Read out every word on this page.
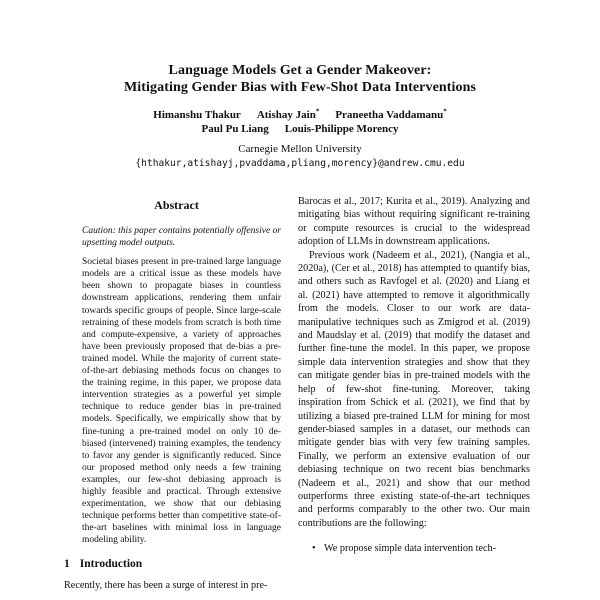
Language Models Get a Gender Makeover:
Mitigating Gender Bias with Few-Shot Data Interventions
Himanshu Thakur Atishay Jain* Praneetha Vaddamanu*
Paul Pu Liang Louis-Philippe Morency
Carnegie Mellon University
{hthakur,atishayj,pvaddama,pliang,morency}@andrew.cmu.edu
Abstract
Caution: this paper contains potentially offensive or upsetting model outputs.
Societal biases present in pre-trained large language models are a critical issue as these models have been shown to propagate biases in countless downstream applications, rendering them unfair towards specific groups of people. Since large-scale retraining of these models from scratch is both time and compute-expensive, a variety of approaches have been previously proposed that de-bias a pre-trained model. While the majority of current state-of-the-art debiasing methods focus on changes to the training regime, in this paper, we propose data intervention strategies as a powerful yet simple technique to reduce gender bias in pre-trained models. Specifically, we empirically show that by fine-tuning a pre-trained model on only 10 de-biased (intervened) training examples, the tendency to favor any gender is significantly reduced. Since our proposed method only needs a few training examples, our few-shot debiasing approach is highly feasible and practical. Through extensive experimentation, we show that our debiasing technique performs better than competitive state-of-the-art baselines with minimal loss in language modeling ability.
1 Introduction
Recently, there has been a surge of interest in pre-
Barocas et al., 2017; Kurita et al., 2019). Analyzing and mitigating bias without requiring significant re-training or compute resources is crucial to the widespread adoption of LLMs in downstream applications.
Previous work (Nadeem et al., 2021), (Nangia et al., 2020a), (Cer et al., 2018) has attempted to quantify bias, and others such as Ravfogel et al. (2020) and Liang et al. (2021) have attempted to remove it algorithmically from the models. Closer to our work are data-manipulative techniques such as Zmigrod et al. (2019) and Maudslay et al. (2019) that modify the dataset and further fine-tune the model. In this paper, we propose simple data intervention strategies and show that they can mitigate gender bias in pre-trained models with the help of few-shot fine-tuning. Moreover, taking inspiration from Schick et al. (2021), we find that by utilizing a biased pre-trained LLM for mining for most gender-biased samples in a dataset, our methods can mitigate gender bias with very few training samples. Finally, we perform an extensive evaluation of our debiasing technique on two recent bias benchmarks (Nadeem et al., 2021) and show that our method outperforms three existing state-of-the-art techniques and performs comparably to the other two. Our main contributions are the following:
• We propose simple data intervention tech-
